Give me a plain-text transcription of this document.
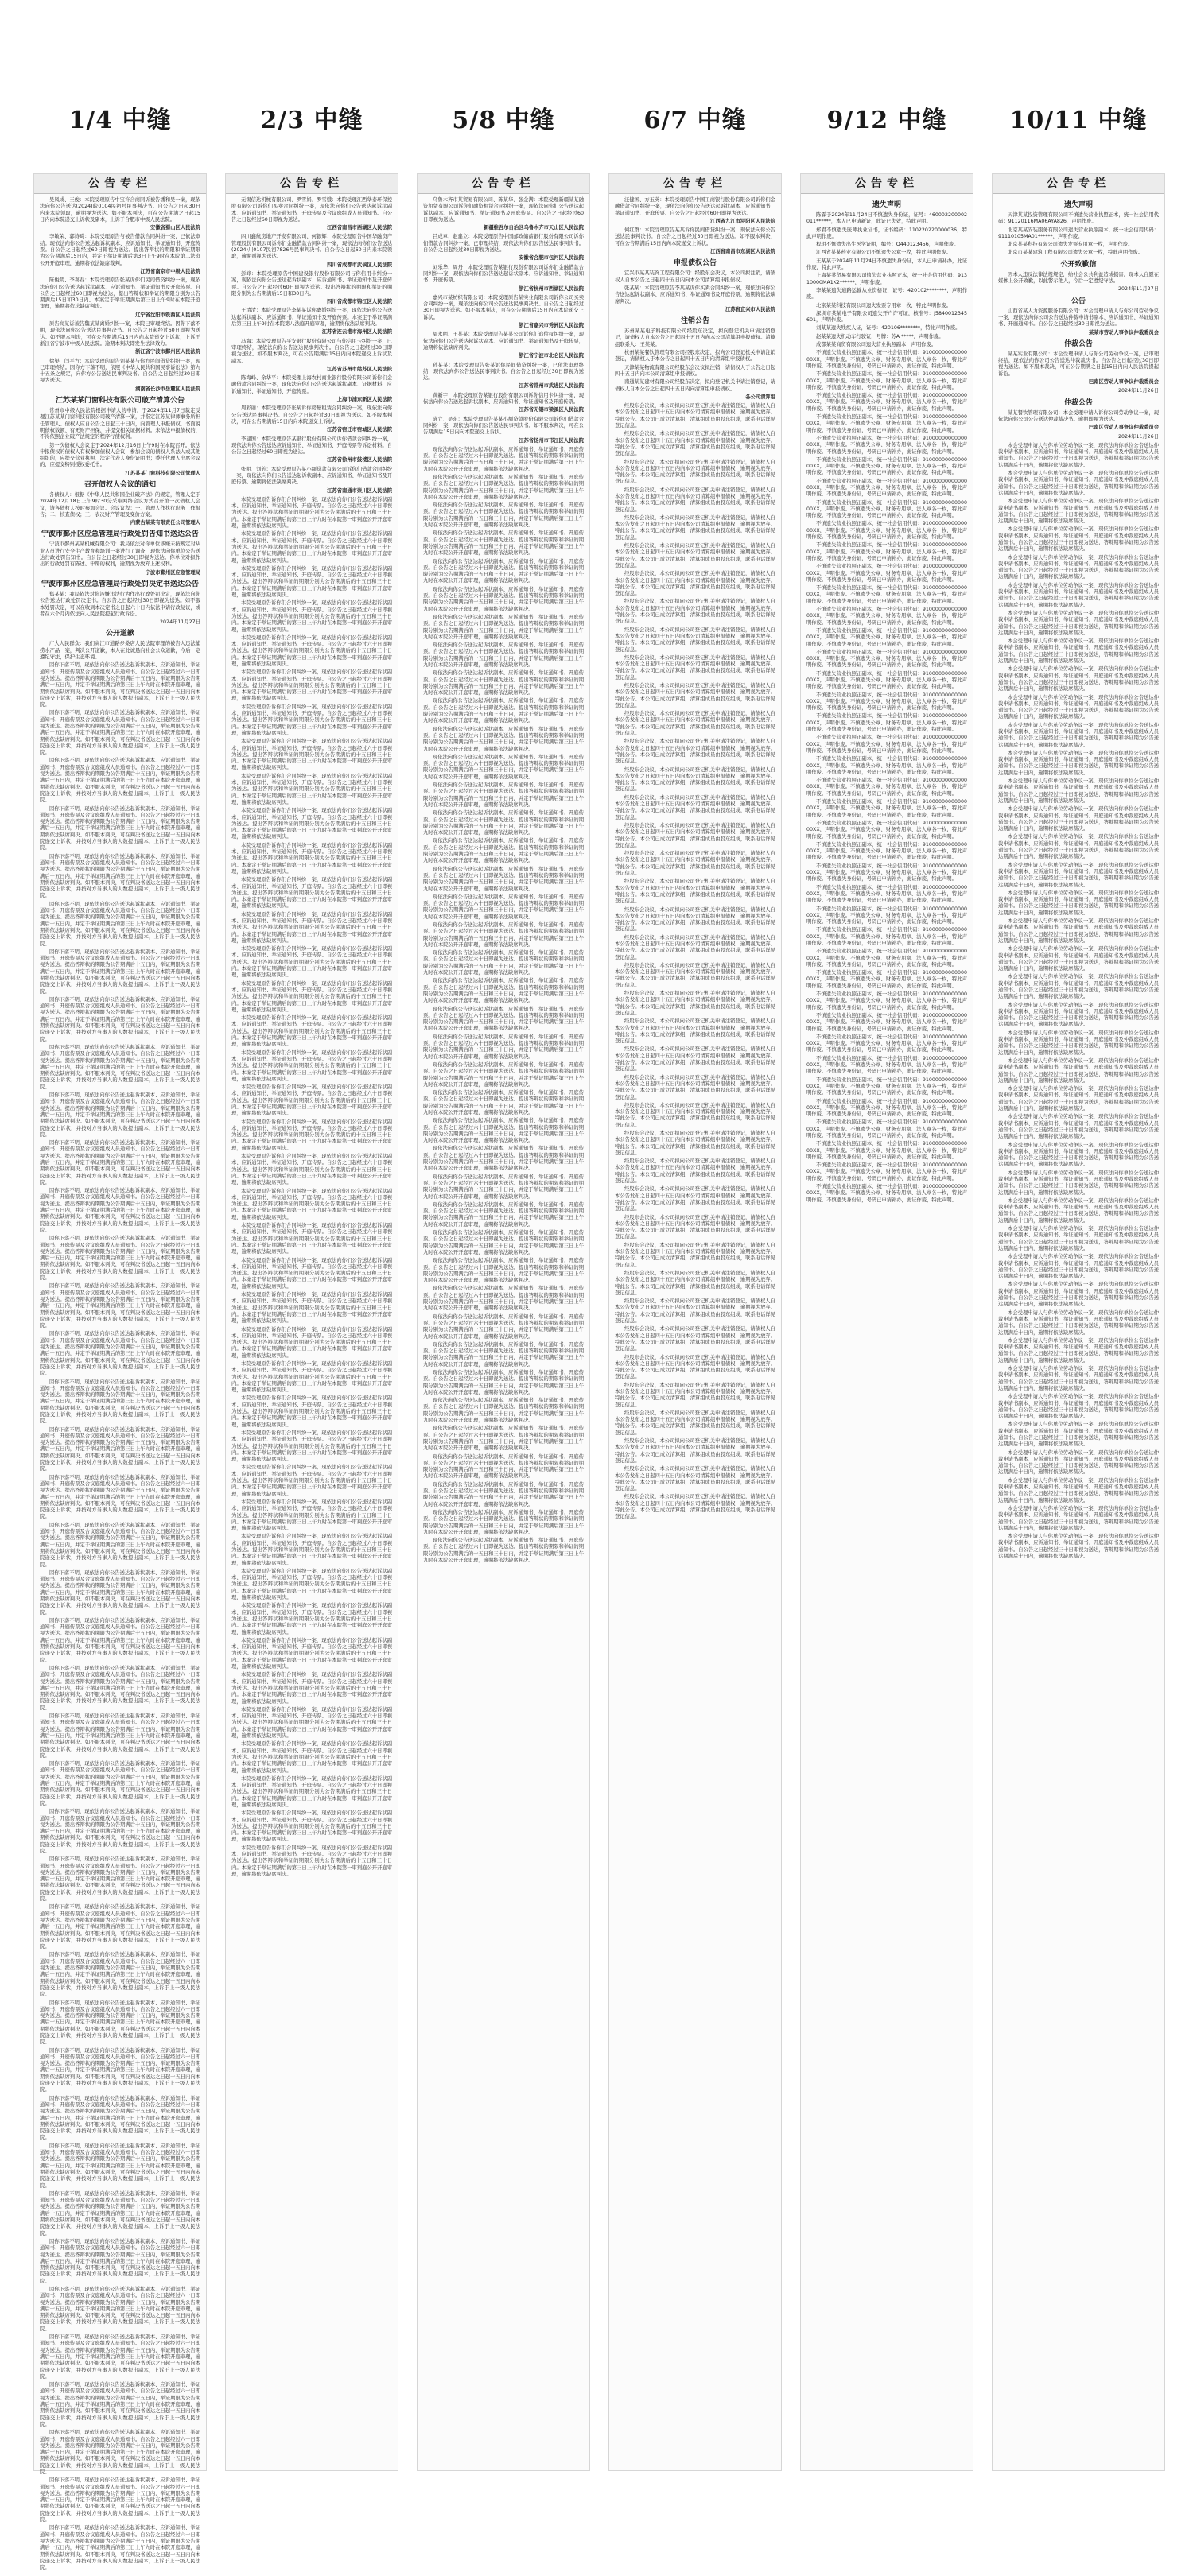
1/4 中缝
公告专栏
吴凤成、王俊：本院受理原告中宝许合商同诉被告潘和吴一案，现依法向你公告送达(2024)皖0104民初号民事判决书。自公告之日起30日内来本院领取，逾期视为送达。如不服本判决，可在公告期满之日起15日内向本院递交上诉状及副本，上诉于合肥市中级人民法院。
安徽省蜀山区人民法院
李敏荣、郭诗琦：本院受理原告与被告借款合同纠纷一案，已依法审结。现依法向你公告送达起诉状副本、应诉通知书、举证通知书、开庭传票。自公告之日起经过60日即视为送达。提出答辩状的期限和举证期限为公告期满后15日内，并定于举证期满后第3日上午9时在本院第二法庭公开开庭审理，逾期将依法缺席裁判。
江苏省南京市中级人民法院
陈俊明、李喜春：本院受理原告张某诉你们民间借贷纠纷一案，现依法向你们公告送达起诉状副本、应诉通知书、举证通知书及开庭传票。自公告之日起经过60日即视为送达，提出答辩状和举证的期限分别为公告期满后15日和30日内。本案定于举证期满后第三日上午9时在本院开庭审理，逾期将依法缺席判决。
辽宁省沈阳市铁西区人民法院
原告高某诉被告魏某某离婚纠纷一案，本院已审理终结。因你下落不明，现依法向你公告送达民事判决书。自公告之日起经过60日即视为送达。如不服本判决，可在公告期满后15日内向本院递交上诉状，上诉于浙江省宁波市中级人民法院。逾期本判决即发生法律效力。
浙江省宁波市鄞州区人民法院
徐渠、闫平方：本院受理的原告刘某某与你方民间借贷纠纷一案，现已审理终结。因你方下落不明，依照《中华人民共和国民事诉讼法》第九十五条之规定，向你方公告送达民事判决书。自公告之日起经过30日即视为送达。
湖南省长沙市岳麓区人民法院
江苏某某门窗科技有限公司破产清算公告
常州市中级人民法院根据申请人的申请，于2024年11月7日裁定受理江苏某某门窗科技有限公司破产清算一案，并指定江苏某律师事务所担任管理人。债权人应自公告之日起三十日内，向管理人申报债权，书面说明债权数额、有无财产担保，并提交相关证据材料。未依法申报债权的，不得依照企业破产法规定的程序行使权利。
第一次债权人会议定于2024年12月16日上午9时在本院召开。依法申报债权的债权人有权参加债权人会议，参加会议的债权人系法人或其他组织的，应提交营业执照、法定代表人身份证明书；委托代理人出席会议的，应提交特别授权委托书。
江苏某某门窗科技有限公司管理人
召开债权人会议的通知
各债权人：根据《中华人民共和国企业破产法》的规定，管理人定于2024年12月18日上午9时30分采取网络会议方式召开第一次债权人会议，请各债权人按时参加会议。会议议程：一、管理人作执行职务工作报告；二、核查债权；三、表决财产管理及变价方案。
内蒙古某某有限责任公司管理人
宁波市鄞州区应急管理局行政处罚告知书送达公告
宁波市鄞州某某机械有限公司：我局依法对你单位涉嫌未按规定对从业人员进行安全生产教育和培训一案进行了调查，现依法向你单位公告送达行政处罚告知书。自公告之日起经过30日即视为送达。你单位对拟作出的行政处罚有陈述、申辩的权利，逾期视为放弃上述权利。
宁波市鄞州区应急管理局
宁波市鄞州区应急管理局行政处罚决定书送达公告
郑某某：我局依法对你涉嫌违法行为作出行政处罚决定，现依法向你公告送达行政处罚决定书。自公告之日起经过30日即视为送达。如不服本处罚决定，可以在收到本决定书之日起六十日内依法申请行政复议，或者在六个月内依法向人民法院提起行政诉讼。
2024年11月27日
公开道歉
广大人民群众：我们高江市道路步桑店人民法院审理的被告人违法捕捞水产品一案，判决公开道歉，本人在此诚恳向社会公众道歉，今后一定遵纪守法，保护生态环境。
因你下落不明，现依法向你公告送达起诉状副本、应诉通知书、举证通知书、开庭传票及合议庭组成人员通知书。自公告之日起经过六十日即视为送达。提出答辩状的期限为公告期满后十五日内，举证期限为公告期满后十五日内，并定于举证期满后的第三日上午九时在本院开庭审理，逾期将依法缺席判决。如不服本判决，可在判决书送达之日起十五日内向本院递交上诉状，并按对方当事人的人数提出副本，上诉于上一级人民法院。
因你下落不明，现依法向你公告送达起诉状副本、应诉通知书、举证通知书、开庭传票及合议庭组成人员通知书。自公告之日起经过六十日即视为送达。提出答辩状的期限为公告期满后十五日内，举证期限为公告期满后十五日内，并定于举证期满后的第三日上午九时在本院开庭审理，逾期将依法缺席判决。如不服本判决，可在判决书送达之日起十五日内向本院递交上诉状，并按对方当事人的人数提出副本，上诉于上一级人民法院。
因你下落不明，现依法向你公告送达起诉状副本、应诉通知书、举证通知书、开庭传票及合议庭组成人员通知书。自公告之日起经过六十日即视为送达。提出答辩状的期限为公告期满后十五日内，举证期限为公告期满后十五日内，并定于举证期满后的第三日上午九时在本院开庭审理，逾期将依法缺席判决。如不服本判决，可在判决书送达之日起十五日内向本院递交上诉状，并按对方当事人的人数提出副本，上诉于上一级人民法院。
因你下落不明，现依法向你公告送达起诉状副本、应诉通知书、举证通知书、开庭传票及合议庭组成人员通知书。自公告之日起经过六十日即视为送达。提出答辩状的期限为公告期满后十五日内，举证期限为公告期满后十五日内，并定于举证期满后的第三日上午九时在本院开庭审理，逾期将依法缺席判决。如不服本判决，可在判决书送达之日起十五日内向本院递交上诉状，并按对方当事人的人数提出副本，上诉于上一级人民法院。
因你下落不明，现依法向你公告送达起诉状副本、应诉通知书、举证通知书、开庭传票及合议庭组成人员通知书。自公告之日起经过六十日即视为送达。提出答辩状的期限为公告期满后十五日内，举证期限为公告期满后十五日内，并定于举证期满后的第三日上午九时在本院开庭审理，逾期将依法缺席判决。如不服本判决，可在判决书送达之日起十五日内向本院递交上诉状，并按对方当事人的人数提出副本，上诉于上一级人民法院。
因你下落不明，现依法向你公告送达起诉状副本、应诉通知书、举证通知书、开庭传票及合议庭组成人员通知书。自公告之日起经过六十日即视为送达。提出答辩状的期限为公告期满后十五日内，举证期限为公告期满后十五日内，并定于举证期满后的第三日上午九时在本院开庭审理，逾期将依法缺席判决。如不服本判决，可在判决书送达之日起十五日内向本院递交上诉状，并按对方当事人的人数提出副本，上诉于上一级人民法院。
因你下落不明，现依法向你公告送达起诉状副本、应诉通知书、举证通知书、开庭传票及合议庭组成人员通知书。自公告之日起经过六十日即视为送达。提出答辩状的期限为公告期满后十五日内，举证期限为公告期满后十五日内，并定于举证期满后的第三日上午九时在本院开庭审理，逾期将依法缺席判决。如不服本判决，可在判决书送达之日起十五日内向本院递交上诉状，并按对方当事人的人数提出副本，上诉于上一级人民法院。
因你下落不明，现依法向你公告送达起诉状副本、应诉通知书、举证通知书、开庭传票及合议庭组成人员通知书。自公告之日起经过六十日即视为送达。提出答辩状的期限为公告期满后十五日内，举证期限为公告期满后十五日内，并定于举证期满后的第三日上午九时在本院开庭审理，逾期将依法缺席判决。如不服本判决，可在判决书送达之日起十五日内向本院递交上诉状，并按对方当事人的人数提出副本，上诉于上一级人民法院。
因你下落不明，现依法向你公告送达起诉状副本、应诉通知书、举证通知书、开庭传票及合议庭组成人员通知书。自公告之日起经过六十日即视为送达。提出答辩状的期限为公告期满后十五日内，举证期限为公告期满后十五日内，并定于举证期满后的第三日上午九时在本院开庭审理，逾期将依法缺席判决。如不服本判决，可在判决书送达之日起十五日内向本院递交上诉状，并按对方当事人的人数提出副本，上诉于上一级人民法院。
因你下落不明，现依法向你公告送达起诉状副本、应诉通知书、举证通知书、开庭传票及合议庭组成人员通知书。自公告之日起经过六十日即视为送达。提出答辩状的期限为公告期满后十五日内，举证期限为公告期满后十五日内，并定于举证期满后的第三日上午九时在本院开庭审理，逾期将依法缺席判决。如不服本判决，可在判决书送达之日起十五日内向本院递交上诉状，并按对方当事人的人数提出副本，上诉于上一级人民法院。
因你下落不明，现依法向你公告送达起诉状副本、应诉通知书、举证通知书、开庭传票及合议庭组成人员通知书。自公告之日起经过六十日即视为送达。提出答辩状的期限为公告期满后十五日内，举证期限为公告期满后十五日内，并定于举证期满后的第三日上午九时在本院开庭审理，逾期将依法缺席判决。如不服本判决，可在判决书送达之日起十五日内向本院递交上诉状，并按对方当事人的人数提出副本，上诉于上一级人民法院。
因你下落不明，现依法向你公告送达起诉状副本、应诉通知书、举证通知书、开庭传票及合议庭组成人员通知书。自公告之日起经过六十日即视为送达。提出答辩状的期限为公告期满后十五日内，举证期限为公告期满后十五日内，并定于举证期满后的第三日上午九时在本院开庭审理，逾期将依法缺席判决。如不服本判决，可在判决书送达之日起十五日内向本院递交上诉状，并按对方当事人的人数提出副本，上诉于上一级人民法院。
因你下落不明，现依法向你公告送达起诉状副本、应诉通知书、举证通知书、开庭传票及合议庭组成人员通知书。自公告之日起经过六十日即视为送达。提出答辩状的期限为公告期满后十五日内，举证期限为公告期满后十五日内，并定于举证期满后的第三日上午九时在本院开庭审理，逾期将依法缺席判决。如不服本判决，可在判决书送达之日起十五日内向本院递交上诉状，并按对方当事人的人数提出副本，上诉于上一级人民法院。
因你下落不明，现依法向你公告送达起诉状副本、应诉通知书、举证通知书、开庭传票及合议庭组成人员通知书。自公告之日起经过六十日即视为送达。提出答辩状的期限为公告期满后十五日内，举证期限为公告期满后十五日内，并定于举证期满后的第三日上午九时在本院开庭审理，逾期将依法缺席判决。如不服本判决，可在判决书送达之日起十五日内向本院递交上诉状，并按对方当事人的人数提出副本，上诉于上一级人民法院。
因你下落不明，现依法向你公告送达起诉状副本、应诉通知书、举证通知书、开庭传票及合议庭组成人员通知书。自公告之日起经过六十日即视为送达。提出答辩状的期限为公告期满后十五日内，举证期限为公告期满后十五日内，并定于举证期满后的第三日上午九时在本院开庭审理，逾期将依法缺席判决。如不服本判决，可在判决书送达之日起十五日内向本院递交上诉状，并按对方当事人的人数提出副本，上诉于上一级人民法院。
因你下落不明，现依法向你公告送达起诉状副本、应诉通知书、举证通知书、开庭传票及合议庭组成人员通知书。自公告之日起经过六十日即视为送达。提出答辩状的期限为公告期满后十五日内，举证期限为公告期满后十五日内，并定于举证期满后的第三日上午九时在本院开庭审理，逾期将依法缺席判决。如不服本判决，可在判决书送达之日起十五日内向本院递交上诉状，并按对方当事人的人数提出副本，上诉于上一级人民法院。
因你下落不明，现依法向你公告送达起诉状副本、应诉通知书、举证通知书、开庭传票及合议庭组成人员通知书。自公告之日起经过六十日即视为送达。提出答辩状的期限为公告期满后十五日内，举证期限为公告期满后十五日内，并定于举证期满后的第三日上午九时在本院开庭审理，逾期将依法缺席判决。如不服本判决，可在判决书送达之日起十五日内向本院递交上诉状，并按对方当事人的人数提出副本，上诉于上一级人民法院。
因你下落不明，现依法向你公告送达起诉状副本、应诉通知书、举证通知书、开庭传票及合议庭组成人员通知书。自公告之日起经过六十日即视为送达。提出答辩状的期限为公告期满后十五日内，举证期限为公告期满后十五日内，并定于举证期满后的第三日上午九时在本院开庭审理，逾期将依法缺席判决。如不服本判决，可在判决书送达之日起十五日内向本院递交上诉状，并按对方当事人的人数提出副本，上诉于上一级人民法院。
因你下落不明，现依法向你公告送达起诉状副本、应诉通知书、举证通知书、开庭传票及合议庭组成人员通知书。自公告之日起经过六十日即视为送达。提出答辩状的期限为公告期满后十五日内，举证期限为公告期满后十五日内，并定于举证期满后的第三日上午九时在本院开庭审理，逾期将依法缺席判决。如不服本判决，可在判决书送达之日起十五日内向本院递交上诉状，并按对方当事人的人数提出副本，上诉于上一级人民法院。
因你下落不明，现依法向你公告送达起诉状副本、应诉通知书、举证通知书、开庭传票及合议庭组成人员通知书。自公告之日起经过六十日即视为送达。提出答辩状的期限为公告期满后十五日内，举证期限为公告期满后十五日内，并定于举证期满后的第三日上午九时在本院开庭审理，逾期将依法缺席判决。如不服本判决，可在判决书送达之日起十五日内向本院递交上诉状，并按对方当事人的人数提出副本，上诉于上一级人民法院。
因你下落不明，现依法向你公告送达起诉状副本、应诉通知书、举证通知书、开庭传票及合议庭组成人员通知书。自公告之日起经过六十日即视为送达。提出答辩状的期限为公告期满后十五日内，举证期限为公告期满后十五日内，并定于举证期满后的第三日上午九时在本院开庭审理，逾期将依法缺席判决。如不服本判决，可在判决书送达之日起十五日内向本院递交上诉状，并按对方当事人的人数提出副本，上诉于上一级人民法院。
因你下落不明，现依法向你公告送达起诉状副本、应诉通知书、举证通知书、开庭传票及合议庭组成人员通知书。自公告之日起经过六十日即视为送达。提出答辩状的期限为公告期满后十五日内，举证期限为公告期满后十五日内，并定于举证期满后的第三日上午九时在本院开庭审理，逾期将依法缺席判决。如不服本判决，可在判决书送达之日起十五日内向本院递交上诉状，并按对方当事人的人数提出副本，上诉于上一级人民法院。
因你下落不明，现依法向你公告送达起诉状副本、应诉通知书、举证通知书、开庭传票及合议庭组成人员通知书。自公告之日起经过六十日即视为送达。提出答辩状的期限为公告期满后十五日内，举证期限为公告期满后十五日内，并定于举证期满后的第三日上午九时在本院开庭审理，逾期将依法缺席判决。如不服本判决，可在判决书送达之日起十五日内向本院递交上诉状，并按对方当事人的人数提出副本，上诉于上一级人民法院。
因你下落不明，现依法向你公告送达起诉状副本、应诉通知书、举证通知书、开庭传票及合议庭组成人员通知书。自公告之日起经过六十日即视为送达。提出答辩状的期限为公告期满后十五日内，举证期限为公告期满后十五日内，并定于举证期满后的第三日上午九时在本院开庭审理，逾期将依法缺席判决。如不服本判决，可在判决书送达之日起十五日内向本院递交上诉状，并按对方当事人的人数提出副本，上诉于上一级人民法院。
因你下落不明，现依法向你公告送达起诉状副本、应诉通知书、举证通知书、开庭传票及合议庭组成人员通知书。自公告之日起经过六十日即视为送达。提出答辩状的期限为公告期满后十五日内，举证期限为公告期满后十五日内，并定于举证期满后的第三日上午九时在本院开庭审理，逾期将依法缺席判决。如不服本判决，可在判决书送达之日起十五日内向本院递交上诉状，并按对方当事人的人数提出副本，上诉于上一级人民法院。
因你下落不明，现依法向你公告送达起诉状副本、应诉通知书、举证通知书、开庭传票及合议庭组成人员通知书。自公告之日起经过六十日即视为送达。提出答辩状的期限为公告期满后十五日内，举证期限为公告期满后十五日内，并定于举证期满后的第三日上午九时在本院开庭审理，逾期将依法缺席判决。如不服本判决，可在判决书送达之日起十五日内向本院递交上诉状，并按对方当事人的人数提出副本，上诉于上一级人民法院。
因你下落不明，现依法向你公告送达起诉状副本、应诉通知书、举证通知书、开庭传票及合议庭组成人员通知书。自公告之日起经过六十日即视为送达。提出答辩状的期限为公告期满后十五日内，举证期限为公告期满后十五日内，并定于举证期满后的第三日上午九时在本院开庭审理，逾期将依法缺席判决。如不服本判决，可在判决书送达之日起十五日内向本院递交上诉状，并按对方当事人的人数提出副本，上诉于上一级人民法院。
因你下落不明，现依法向你公告送达起诉状副本、应诉通知书、举证通知书、开庭传票及合议庭组成人员通知书。自公告之日起经过六十日即视为送达。提出答辩状的期限为公告期满后十五日内，举证期限为公告期满后十五日内，并定于举证期满后的第三日上午九时在本院开庭审理，逾期将依法缺席判决。如不服本判决，可在判决书送达之日起十五日内向本院递交上诉状，并按对方当事人的人数提出副本，上诉于上一级人民法院。
因你下落不明，现依法向你公告送达起诉状副本、应诉通知书、举证通知书、开庭传票及合议庭组成人员通知书。自公告之日起经过六十日即视为送达。提出答辩状的期限为公告期满后十五日内，举证期限为公告期满后十五日内，并定于举证期满后的第三日上午九时在本院开庭审理，逾期将依法缺席判决。如不服本判决，可在判决书送达之日起十五日内向本院递交上诉状，并按对方当事人的人数提出副本，上诉于上一级人民法院。
因你下落不明，现依法向你公告送达起诉状副本、应诉通知书、举证通知书、开庭传票及合议庭组成人员通知书。自公告之日起经过六十日即视为送达。提出答辩状的期限为公告期满后十五日内，举证期限为公告期满后十五日内，并定于举证期满后的第三日上午九时在本院开庭审理，逾期将依法缺席判决。如不服本判决，可在判决书送达之日起十五日内向本院递交上诉状，并按对方当事人的人数提出副本，上诉于上一级人民法院。
因你下落不明，现依法向你公告送达起诉状副本、应诉通知书、举证通知书、开庭传票及合议庭组成人员通知书。自公告之日起经过六十日即视为送达。提出答辩状的期限为公告期满后十五日内，举证期限为公告期满后十五日内，并定于举证期满后的第三日上午九时在本院开庭审理，逾期将依法缺席判决。如不服本判决，可在判决书送达之日起十五日内向本院递交上诉状，并按对方当事人的人数提出副本，上诉于上一级人民法院。
因你下落不明，现依法向你公告送达起诉状副本、应诉通知书、举证通知书、开庭传票及合议庭组成人员通知书。自公告之日起经过六十日即视为送达。提出答辩状的期限为公告期满后十五日内，举证期限为公告期满后十五日内，并定于举证期满后的第三日上午九时在本院开庭审理，逾期将依法缺席判决。如不服本判决，可在判决书送达之日起十五日内向本院递交上诉状，并按对方当事人的人数提出副本，上诉于上一级人民法院。
因你下落不明，现依法向你公告送达起诉状副本、应诉通知书、举证通知书、开庭传票及合议庭组成人员通知书。自公告之日起经过六十日即视为送达。提出答辩状的期限为公告期满后十五日内，举证期限为公告期满后十五日内，并定于举证期满后的第三日上午九时在本院开庭审理，逾期将依法缺席判决。如不服本判决，可在判决书送达之日起十五日内向本院递交上诉状，并按对方当事人的人数提出副本，上诉于上一级人民法院。
因你下落不明，现依法向你公告送达起诉状副本、应诉通知书、举证通知书、开庭传票及合议庭组成人员通知书。自公告之日起经过六十日即视为送达。提出答辩状的期限为公告期满后十五日内，举证期限为公告期满后十五日内，并定于举证期满后的第三日上午九时在本院开庭审理，逾期将依法缺席判决。如不服本判决，可在判决书送达之日起十五日内向本院递交上诉状，并按对方当事人的人数提出副本，上诉于上一级人民法院。
因你下落不明，现依法向你公告送达起诉状副本、应诉通知书、举证通知书、开庭传票及合议庭组成人员通知书。自公告之日起经过六十日即视为送达。提出答辩状的期限为公告期满后十五日内，举证期限为公告期满后十五日内，并定于举证期满后的第三日上午九时在本院开庭审理，逾期将依法缺席判决。如不服本判决，可在判决书送达之日起十五日内向本院递交上诉状，并按对方当事人的人数提出副本，上诉于上一级人民法院。
因你下落不明，现依法向你公告送达起诉状副本、应诉通知书、举证通知书、开庭传票及合议庭组成人员通知书。自公告之日起经过六十日即视为送达。提出答辩状的期限为公告期满后十五日内，举证期限为公告期满后十五日内，并定于举证期满后的第三日上午九时在本院开庭审理，逾期将依法缺席判决。如不服本判决，可在判决书送达之日起十五日内向本院递交上诉状，并按对方当事人的人数提出副本，上诉于上一级人民法院。
因你下落不明，现依法向你公告送达起诉状副本、应诉通知书、举证通知书、开庭传票及合议庭组成人员通知书。自公告之日起经过六十日即视为送达。提出答辩状的期限为公告期满后十五日内，举证期限为公告期满后十五日内，并定于举证期满后的第三日上午九时在本院开庭审理，逾期将依法缺席判决。如不服本判决，可在判决书送达之日起十五日内向本院递交上诉状，并按对方当事人的人数提出副本，上诉于上一级人民法院。
因你下落不明，现依法向你公告送达起诉状副本、应诉通知书、举证通知书、开庭传票及合议庭组成人员通知书。自公告之日起经过六十日即视为送达。提出答辩状的期限为公告期满后十五日内，举证期限为公告期满后十五日内，并定于举证期满后的第三日上午九时在本院开庭审理，逾期将依法缺席判决。如不服本判决，可在判决书送达之日起十五日内向本院递交上诉状，并按对方当事人的人数提出副本，上诉于上一级人民法院。
因你下落不明，现依法向你公告送达起诉状副本、应诉通知书、举证通知书、开庭传票及合议庭组成人员通知书。自公告之日起经过六十日即视为送达。提出答辩状的期限为公告期满后十五日内，举证期限为公告期满后十五日内，并定于举证期满后的第三日上午九时在本院开庭审理，逾期将依法缺席判决。如不服本判决，可在判决书送达之日起十五日内向本院递交上诉状，并按对方当事人的人数提出副本，上诉于上一级人民法院。
因你下落不明，现依法向你公告送达起诉状副本、应诉通知书、举证通知书、开庭传票及合议庭组成人员通知书。自公告之日起经过六十日即视为送达。提出答辩状的期限为公告期满后十五日内，举证期限为公告期满后十五日内，并定于举证期满后的第三日上午九时在本院开庭审理，逾期将依法缺席判决。如不服本判决，可在判决书送达之日起十五日内向本院递交上诉状，并按对方当事人的人数提出副本，上诉于上一级人民法院。
2/3 中缝
公告专栏
无锡信达机械有限公司、罗雪娟、罗雪娥：本院受理江西华泰环保控股有限公司诉你们买卖合同纠纷一案，现依法向你们公告送达起诉状副本、应诉通知书、举证通知书、开庭传票及合议庭组成人员通知书。自公告之日起经过60日即视为送达。
江西省南昌市西湖区人民法院
四川鑫航房地产开发有限公司、何银辉：本院受理原告中国华融资产管理股份有限公司诉你们金融借款合同纠纷一案，现依法向你们公告送达(2024)川0107民初7826号民事判决书。自公告之日起60日内来本院领取，逾期则视为送达。
四川省成都市武侯区人民法院
彭峰：本院受理原告中国建设银行股份有限公司与你信用卡纠纷一案，现依法向你公告送达起诉状副本、应诉通知书、举证通知书及开庭传票。自公告之日起经过60日即视为送达。提出答辩状的期限和举证的期限分别为公告期满后15日和30日内。
四川省成都市锦江区人民法院
王清清：本院受理原告李某某诉你离婚纠纷一案，现依法向你公告送达起诉状副本、应诉通知书、举证通知书及开庭传票。本案定于举证期满后第三日上午9时在本院第八法庭开庭审理，逾期将依法缺席判决。
江苏省连云港市海州区人民法院
冯海：本院受理原告平安银行股份有限公司与你信用卡纠纷一案，已审理终结，现依法向你公告送达民事判决书。自公告之日起经过30日即视为送达。如不服本判决，可在公告期满后15日内向本院递交上诉状及副本。
江苏省苏州市姑苏区人民法院
陈海峰、余华平：本院受理上海农村商业银行股份有限公司诉你们金融借款合同纠纷一案，现依法向你们公告送达起诉状副本、证据材料、应诉通知书、举证通知书、开庭传票。
上海市浦东新区人民法院
周彩丽：本院受理原告张某诉你房屋租赁合同纠纷一案，现依法向你公告送达民事判决书。自公告之日起经过30日即视为送达。如不服本判决，可在公告期满后15日内向本院递交上诉状。
江苏省宿迁市宿城区人民法院
李建国：本院受理原告某银行股份有限公司诉你借款合同纠纷一案，现依法向你公告送达应诉通知书、举证通知书、开庭传票等诉讼材料。自公告之日起经过60日即视为送达。
江苏省徐州市鼓楼区人民法院
张明、刘芳：本院受理原告某小额贷款有限公司诉你们借款合同纠纷一案，现依法向你们公告送达起诉状副本、应诉通知书、举证通知书及开庭传票。逾期将依法缺席判决。
江苏省南通市崇川区人民法院
本院受理原告诉你们合同纠纷一案，现依法向你们公告送达起诉状副本、应诉通知书、举证通知书、开庭传票。自公告之日起经过六十日即视为送达。提出答辩状和举证的期限分别为公告期满后的十五日和三十日内。本案定于举证期满后的第三日上午九时在本院第一审判庭公开开庭审理，逾期将依法缺席判决。
本院受理原告诉你们合同纠纷一案，现依法向你们公告送达起诉状副本、应诉通知书、举证通知书、开庭传票。自公告之日起经过六十日即视为送达。提出答辩状和举证的期限分别为公告期满后的十五日和三十日内。本案定于举证期满后的第三日上午九时在本院第一审判庭公开开庭审理，逾期将依法缺席判决。
本院受理原告诉你们合同纠纷一案，现依法向你们公告送达起诉状副本、应诉通知书、举证通知书、开庭传票。自公告之日起经过六十日即视为送达。提出答辩状和举证的期限分别为公告期满后的十五日和三十日内。本案定于举证期满后的第三日上午九时在本院第一审判庭公开开庭审理，逾期将依法缺席判决。
本院受理原告诉你们合同纠纷一案，现依法向你们公告送达起诉状副本、应诉通知书、举证通知书、开庭传票。自公告之日起经过六十日即视为送达。提出答辩状和举证的期限分别为公告期满后的十五日和三十日内。本案定于举证期满后的第三日上午九时在本院第一审判庭公开开庭审理，逾期将依法缺席判决。
本院受理原告诉你们合同纠纷一案，现依法向你们公告送达起诉状副本、应诉通知书、举证通知书、开庭传票。自公告之日起经过六十日即视为送达。提出答辩状和举证的期限分别为公告期满后的十五日和三十日内。本案定于举证期满后的第三日上午九时在本院第一审判庭公开开庭审理，逾期将依法缺席判决。
本院受理原告诉你们合同纠纷一案，现依法向你们公告送达起诉状副本、应诉通知书、举证通知书、开庭传票。自公告之日起经过六十日即视为送达。提出答辩状和举证的期限分别为公告期满后的十五日和三十日内。本案定于举证期满后的第三日上午九时在本院第一审判庭公开开庭审理，逾期将依法缺席判决。
本院受理原告诉你们合同纠纷一案，现依法向你们公告送达起诉状副本、应诉通知书、举证通知书、开庭传票。自公告之日起经过六十日即视为送达。提出答辩状和举证的期限分别为公告期满后的十五日和三十日内。本案定于举证期满后的第三日上午九时在本院第一审判庭公开开庭审理，逾期将依法缺席判决。
本院受理原告诉你们合同纠纷一案，现依法向你们公告送达起诉状副本、应诉通知书、举证通知书、开庭传票。自公告之日起经过六十日即视为送达。提出答辩状和举证的期限分别为公告期满后的十五日和三十日内。本案定于举证期满后的第三日上午九时在本院第一审判庭公开开庭审理，逾期将依法缺席判决。
本院受理原告诉你们合同纠纷一案，现依法向你们公告送达起诉状副本、应诉通知书、举证通知书、开庭传票。自公告之日起经过六十日即视为送达。提出答辩状和举证的期限分别为公告期满后的十五日和三十日内。本案定于举证期满后的第三日上午九时在本院第一审判庭公开开庭审理，逾期将依法缺席判决。
本院受理原告诉你们合同纠纷一案，现依法向你们公告送达起诉状副本、应诉通知书、举证通知书、开庭传票。自公告之日起经过六十日即视为送达。提出答辩状和举证的期限分别为公告期满后的十五日和三十日内。本案定于举证期满后的第三日上午九时在本院第一审判庭公开开庭审理，逾期将依法缺席判决。
本院受理原告诉你们合同纠纷一案，现依法向你们公告送达起诉状副本、应诉通知书、举证通知书、开庭传票。自公告之日起经过六十日即视为送达。提出答辩状和举证的期限分别为公告期满后的十五日和三十日内。本案定于举证期满后的第三日上午九时在本院第一审判庭公开开庭审理，逾期将依法缺席判决。
本院受理原告诉你们合同纠纷一案，现依法向你们公告送达起诉状副本、应诉通知书、举证通知书、开庭传票。自公告之日起经过六十日即视为送达。提出答辩状和举证的期限分别为公告期满后的十五日和三十日内。本案定于举证期满后的第三日上午九时在本院第一审判庭公开开庭审理，逾期将依法缺席判决。
本院受理原告诉你们合同纠纷一案，现依法向你们公告送达起诉状副本、应诉通知书、举证通知书、开庭传票。自公告之日起经过六十日即视为送达。提出答辩状和举证的期限分别为公告期满后的十五日和三十日内。本案定于举证期满后的第三日上午九时在本院第一审判庭公开开庭审理，逾期将依法缺席判决。
本院受理原告诉你们合同纠纷一案，现依法向你们公告送达起诉状副本、应诉通知书、举证通知书、开庭传票。自公告之日起经过六十日即视为送达。提出答辩状和举证的期限分别为公告期满后的十五日和三十日内。本案定于举证期满后的第三日上午九时在本院第一审判庭公开开庭审理，逾期将依法缺席判决。
本院受理原告诉你们合同纠纷一案，现依法向你们公告送达起诉状副本、应诉通知书、举证通知书、开庭传票。自公告之日起经过六十日即视为送达。提出答辩状和举证的期限分别为公告期满后的十五日和三十日内。本案定于举证期满后的第三日上午九时在本院第一审判庭公开开庭审理，逾期将依法缺席判决。
本院受理原告诉你们合同纠纷一案，现依法向你们公告送达起诉状副本、应诉通知书、举证通知书、开庭传票。自公告之日起经过六十日即视为送达。提出答辩状和举证的期限分别为公告期满后的十五日和三十日内。本案定于举证期满后的第三日上午九时在本院第一审判庭公开开庭审理，逾期将依法缺席判决。
本院受理原告诉你们合同纠纷一案，现依法向你们公告送达起诉状副本、应诉通知书、举证通知书、开庭传票。自公告之日起经过六十日即视为送达。提出答辩状和举证的期限分别为公告期满后的十五日和三十日内。本案定于举证期满后的第三日上午九时在本院第一审判庭公开开庭审理，逾期将依法缺席判决。
本院受理原告诉你们合同纠纷一案，现依法向你们公告送达起诉状副本、应诉通知书、举证通知书、开庭传票。自公告之日起经过六十日即视为送达。提出答辩状和举证的期限分别为公告期满后的十五日和三十日内。本案定于举证期满后的第三日上午九时在本院第一审判庭公开开庭审理，逾期将依法缺席判决。
本院受理原告诉你们合同纠纷一案，现依法向你们公告送达起诉状副本、应诉通知书、举证通知书、开庭传票。自公告之日起经过六十日即视为送达。提出答辩状和举证的期限分别为公告期满后的十五日和三十日内。本案定于举证期满后的第三日上午九时在本院第一审判庭公开开庭审理，逾期将依法缺席判决。
本院受理原告诉你们合同纠纷一案，现依法向你们公告送达起诉状副本、应诉通知书、举证通知书、开庭传票。自公告之日起经过六十日即视为送达。提出答辩状和举证的期限分别为公告期满后的十五日和三十日内。本案定于举证期满后的第三日上午九时在本院第一审判庭公开开庭审理，逾期将依法缺席判决。
本院受理原告诉你们合同纠纷一案，现依法向你们公告送达起诉状副本、应诉通知书、举证通知书、开庭传票。自公告之日起经过六十日即视为送达。提出答辩状和举证的期限分别为公告期满后的十五日和三十日内。本案定于举证期满后的第三日上午九时在本院第一审判庭公开开庭审理，逾期将依法缺席判决。
本院受理原告诉你们合同纠纷一案，现依法向你们公告送达起诉状副本、应诉通知书、举证通知书、开庭传票。自公告之日起经过六十日即视为送达。提出答辩状和举证的期限分别为公告期满后的十五日和三十日内。本案定于举证期满后的第三日上午九时在本院第一审判庭公开开庭审理，逾期将依法缺席判决。
本院受理原告诉你们合同纠纷一案，现依法向你们公告送达起诉状副本、应诉通知书、举证通知书、开庭传票。自公告之日起经过六十日即视为送达。提出答辩状和举证的期限分别为公告期满后的十五日和三十日内。本案定于举证期满后的第三日上午九时在本院第一审判庭公开开庭审理，逾期将依法缺席判决。
本院受理原告诉你们合同纠纷一案，现依法向你们公告送达起诉状副本、应诉通知书、举证通知书、开庭传票。自公告之日起经过六十日即视为送达。提出答辩状和举证的期限分别为公告期满后的十五日和三十日内。本案定于举证期满后的第三日上午九时在本院第一审判庭公开开庭审理，逾期将依法缺席判决。
本院受理原告诉你们合同纠纷一案，现依法向你们公告送达起诉状副本、应诉通知书、举证通知书、开庭传票。自公告之日起经过六十日即视为送达。提出答辩状和举证的期限分别为公告期满后的十五日和三十日内。本案定于举证期满后的第三日上午九时在本院第一审判庭公开开庭审理，逾期将依法缺席判决。
本院受理原告诉你们合同纠纷一案，现依法向你们公告送达起诉状副本、应诉通知书、举证通知书、开庭传票。自公告之日起经过六十日即视为送达。提出答辩状和举证的期限分别为公告期满后的十五日和三十日内。本案定于举证期满后的第三日上午九时在本院第一审判庭公开开庭审理，逾期将依法缺席判决。
本院受理原告诉你们合同纠纷一案，现依法向你们公告送达起诉状副本、应诉通知书、举证通知书、开庭传票。自公告之日起经过六十日即视为送达。提出答辩状和举证的期限分别为公告期满后的十五日和三十日内。本案定于举证期满后的第三日上午九时在本院第一审判庭公开开庭审理，逾期将依法缺席判决。
本院受理原告诉你们合同纠纷一案，现依法向你们公告送达起诉状副本、应诉通知书、举证通知书、开庭传票。自公告之日起经过六十日即视为送达。提出答辩状和举证的期限分别为公告期满后的十五日和三十日内。本案定于举证期满后的第三日上午九时在本院第一审判庭公开开庭审理，逾期将依法缺席判决。
本院受理原告诉你们合同纠纷一案，现依法向你们公告送达起诉状副本、应诉通知书、举证通知书、开庭传票。自公告之日起经过六十日即视为送达。提出答辩状和举证的期限分别为公告期满后的十五日和三十日内。本案定于举证期满后的第三日上午九时在本院第一审判庭公开开庭审理，逾期将依法缺席判决。
本院受理原告诉你们合同纠纷一案，现依法向你们公告送达起诉状副本、应诉通知书、举证通知书、开庭传票。自公告之日起经过六十日即视为送达。提出答辩状和举证的期限分别为公告期满后的十五日和三十日内。本案定于举证期满后的第三日上午九时在本院第一审判庭公开开庭审理，逾期将依法缺席判决。
本院受理原告诉你们合同纠纷一案，现依法向你们公告送达起诉状副本、应诉通知书、举证通知书、开庭传票。自公告之日起经过六十日即视为送达。提出答辩状和举证的期限分别为公告期满后的十五日和三十日内。本案定于举证期满后的第三日上午九时在本院第一审判庭公开开庭审理，逾期将依法缺席判决。
本院受理原告诉你们合同纠纷一案，现依法向你们公告送达起诉状副本、应诉通知书、举证通知书、开庭传票。自公告之日起经过六十日即视为送达。提出答辩状和举证的期限分别为公告期满后的十五日和三十日内。本案定于举证期满后的第三日上午九时在本院第一审判庭公开开庭审理，逾期将依法缺席判决。
本院受理原告诉你们合同纠纷一案，现依法向你们公告送达起诉状副本、应诉通知书、举证通知书、开庭传票。自公告之日起经过六十日即视为送达。提出答辩状和举证的期限分别为公告期满后的十五日和三十日内。本案定于举证期满后的第三日上午九时在本院第一审判庭公开开庭审理，逾期将依法缺席判决。
本院受理原告诉你们合同纠纷一案，现依法向你们公告送达起诉状副本、应诉通知书、举证通知书、开庭传票。自公告之日起经过六十日即视为送达。提出答辩状和举证的期限分别为公告期满后的十五日和三十日内。本案定于举证期满后的第三日上午九时在本院第一审判庭公开开庭审理，逾期将依法缺席判决。
本院受理原告诉你们合同纠纷一案，现依法向你们公告送达起诉状副本、应诉通知书、举证通知书、开庭传票。自公告之日起经过六十日即视为送达。提出答辩状和举证的期限分别为公告期满后的十五日和三十日内。本案定于举证期满后的第三日上午九时在本院第一审判庭公开开庭审理，逾期将依法缺席判决。
本院受理原告诉你们合同纠纷一案，现依法向你们公告送达起诉状副本、应诉通知书、举证通知书、开庭传票。自公告之日起经过六十日即视为送达。提出答辩状和举证的期限分别为公告期满后的十五日和三十日内。本案定于举证期满后的第三日上午九时在本院第一审判庭公开开庭审理，逾期将依法缺席判决。
本院受理原告诉你们合同纠纷一案，现依法向你们公告送达起诉状副本、应诉通知书、举证通知书、开庭传票。自公告之日起经过六十日即视为送达。提出答辩状和举证的期限分别为公告期满后的十五日和三十日内。本案定于举证期满后的第三日上午九时在本院第一审判庭公开开庭审理，逾期将依法缺席判决。
本院受理原告诉你们合同纠纷一案，现依法向你们公告送达起诉状副本、应诉通知书、举证通知书、开庭传票。自公告之日起经过六十日即视为送达。提出答辩状和举证的期限分别为公告期满后的十五日和三十日内。本案定于举证期满后的第三日上午九时在本院第一审判庭公开开庭审理，逾期将依法缺席判决。
本院受理原告诉你们合同纠纷一案，现依法向你们公告送达起诉状副本、应诉通知书、举证通知书、开庭传票。自公告之日起经过六十日即视为送达。提出答辩状和举证的期限分别为公告期满后的十五日和三十日内。本案定于举证期满后的第三日上午九时在本院第一审判庭公开开庭审理，逾期将依法缺席判决。
本院受理原告诉你们合同纠纷一案，现依法向你们公告送达起诉状副本、应诉通知书、举证通知书、开庭传票。自公告之日起经过六十日即视为送达。提出答辩状和举证的期限分别为公告期满后的十五日和三十日内。本案定于举证期满后的第三日上午九时在本院第一审判庭公开开庭审理，逾期将依法缺席判决。
5/8 中缝
公告专栏
乌鲁木齐市某贸易有限公司、陈某华、张金满：本院受理新疆某某融资租赁有限公司诉你们融资租赁合同纠纷一案，现依法向你们公告送达起诉状副本、应诉通知书、举证通知书及开庭传票。自公告之日起经过60日即视为送达。
新疆维吾尔自治区乌鲁木齐市天山区人民法院
吕成章、赵建立：本院受理原告中国邮政储蓄银行股份有限公司诉你们借款合同纠纷一案，已审理终结，现依法向你们公告送达民事判决书。自公告之日起经过30日即视为送达。
安徽省合肥市包河区人民法院
刘乐华、周丹：本院受理原告某银行股份有限公司诉你们金融借款合同纠纷一案，现依法向你们公告送达起诉状副本、应诉通知书、举证通知书、开庭传票。
浙江省杭州市西湖区人民法院
嘉兴市某纺织有限公司：本院受理原告某实业有限公司诉你公司买卖合同纠纷一案，现依法向你公司公告送达民事判决书。自公告之日起经过30日即视为送达。如不服本判决，可在公告期满后15日内向本院递交上诉状。
浙江省嘉兴市秀洲区人民法院
周永明、王某某：本院受理原告某某公司诉你们追偿权纠纷一案，现依法向你们公告送达起诉状副本、应诉通知书、举证通知书及开庭传票，逾期将依法缺席判决。
浙江省宁波市北仑区人民法院
孙某某：本院受理原告张某诉你民间借贷纠纷一案，已依法审理终结，现依法向你公告送达民事判决书。自公告之日起经过30日即视为送达。
江苏省常州市武进区人民法院
黄新宇：本院受理原告某银行股份有限公司诉你信用卡纠纷一案，现依法向你公告送达起诉状副本、应诉通知书、举证通知书及开庭传票。
江苏省无锡市梁溪区人民法院
陈立、吴东：本院受理原告某某小额贷款股份有限公司诉你们借款合同纠纷一案，现依法向你们公告送达民事判决书。如不服本判决，可在公告期满后15日内向本院递交上诉状。
江苏省扬州市邗江区人民法院
现依法向你公告送达起诉状副本、应诉通知书、举证通知书、开庭传票。自公告之日起经过六十日即视为送达。提出答辩状的期限和举证的期限分别为公告期满后的十五日和三十日内，并定于举证期满后第三日上午九时在本院公开开庭审理，逾期将依法缺席判决。
现依法向你公告送达起诉状副本、应诉通知书、举证通知书、开庭传票。自公告之日起经过六十日即视为送达。提出答辩状的期限和举证的期限分别为公告期满后的十五日和三十日内，并定于举证期满后第三日上午九时在本院公开开庭审理，逾期将依法缺席判决。
现依法向你公告送达起诉状副本、应诉通知书、举证通知书、开庭传票。自公告之日起经过六十日即视为送达。提出答辩状的期限和举证的期限分别为公告期满后的十五日和三十日内，并定于举证期满后第三日上午九时在本院公开开庭审理，逾期将依法缺席判决。
现依法向你公告送达起诉状副本、应诉通知书、举证通知书、开庭传票。自公告之日起经过六十日即视为送达。提出答辩状的期限和举证的期限分别为公告期满后的十五日和三十日内，并定于举证期满后第三日上午九时在本院公开开庭审理，逾期将依法缺席判决。
现依法向你公告送达起诉状副本、应诉通知书、举证通知书、开庭传票。自公告之日起经过六十日即视为送达。提出答辩状的期限和举证的期限分别为公告期满后的十五日和三十日内，并定于举证期满后第三日上午九时在本院公开开庭审理，逾期将依法缺席判决。
现依法向你公告送达起诉状副本、应诉通知书、举证通知书、开庭传票。自公告之日起经过六十日即视为送达。提出答辩状的期限和举证的期限分别为公告期满后的十五日和三十日内，并定于举证期满后第三日上午九时在本院公开开庭审理，逾期将依法缺席判决。
现依法向你公告送达起诉状副本、应诉通知书、举证通知书、开庭传票。自公告之日起经过六十日即视为送达。提出答辩状的期限和举证的期限分别为公告期满后的十五日和三十日内，并定于举证期满后第三日上午九时在本院公开开庭审理，逾期将依法缺席判决。
现依法向你公告送达起诉状副本、应诉通知书、举证通知书、开庭传票。自公告之日起经过六十日即视为送达。提出答辩状的期限和举证的期限分别为公告期满后的十五日和三十日内，并定于举证期满后第三日上午九时在本院公开开庭审理，逾期将依法缺席判决。
现依法向你公告送达起诉状副本、应诉通知书、举证通知书、开庭传票。自公告之日起经过六十日即视为送达。提出答辩状的期限和举证的期限分别为公告期满后的十五日和三十日内，并定于举证期满后第三日上午九时在本院公开开庭审理，逾期将依法缺席判决。
现依法向你公告送达起诉状副本、应诉通知书、举证通知书、开庭传票。自公告之日起经过六十日即视为送达。提出答辩状的期限和举证的期限分别为公告期满后的十五日和三十日内，并定于举证期满后第三日上午九时在本院公开开庭审理，逾期将依法缺席判决。
现依法向你公告送达起诉状副本、应诉通知书、举证通知书、开庭传票。自公告之日起经过六十日即视为送达。提出答辩状的期限和举证的期限分别为公告期满后的十五日和三十日内，并定于举证期满后第三日上午九时在本院公开开庭审理，逾期将依法缺席判决。
现依法向你公告送达起诉状副本、应诉通知书、举证通知书、开庭传票。自公告之日起经过六十日即视为送达。提出答辩状的期限和举证的期限分别为公告期满后的十五日和三十日内，并定于举证期满后第三日上午九时在本院公开开庭审理，逾期将依法缺席判决。
现依法向你公告送达起诉状副本、应诉通知书、举证通知书、开庭传票。自公告之日起经过六十日即视为送达。提出答辩状的期限和举证的期限分别为公告期满后的十五日和三十日内，并定于举证期满后第三日上午九时在本院公开开庭审理，逾期将依法缺席判决。
现依法向你公告送达起诉状副本、应诉通知书、举证通知书、开庭传票。自公告之日起经过六十日即视为送达。提出答辩状的期限和举证的期限分别为公告期满后的十五日和三十日内，并定于举证期满后第三日上午九时在本院公开开庭审理，逾期将依法缺席判决。
现依法向你公告送达起诉状副本、应诉通知书、举证通知书、开庭传票。自公告之日起经过六十日即视为送达。提出答辩状的期限和举证的期限分别为公告期满后的十五日和三十日内，并定于举证期满后第三日上午九时在本院公开开庭审理，逾期将依法缺席判决。
现依法向你公告送达起诉状副本、应诉通知书、举证通知书、开庭传票。自公告之日起经过六十日即视为送达。提出答辩状的期限和举证的期限分别为公告期满后的十五日和三十日内，并定于举证期满后第三日上午九时在本院公开开庭审理，逾期将依法缺席判决。
现依法向你公告送达起诉状副本、应诉通知书、举证通知书、开庭传票。自公告之日起经过六十日即视为送达。提出答辩状的期限和举证的期限分别为公告期满后的十五日和三十日内，并定于举证期满后第三日上午九时在本院公开开庭审理，逾期将依法缺席判决。
现依法向你公告送达起诉状副本、应诉通知书、举证通知书、开庭传票。自公告之日起经过六十日即视为送达。提出答辩状的期限和举证的期限分别为公告期满后的十五日和三十日内，并定于举证期满后第三日上午九时在本院公开开庭审理，逾期将依法缺席判决。
现依法向你公告送达起诉状副本、应诉通知书、举证通知书、开庭传票。自公告之日起经过六十日即视为送达。提出答辩状的期限和举证的期限分别为公告期满后的十五日和三十日内，并定于举证期满后第三日上午九时在本院公开开庭审理，逾期将依法缺席判决。
现依法向你公告送达起诉状副本、应诉通知书、举证通知书、开庭传票。自公告之日起经过六十日即视为送达。提出答辩状的期限和举证的期限分别为公告期满后的十五日和三十日内，并定于举证期满后第三日上午九时在本院公开开庭审理，逾期将依法缺席判决。
现依法向你公告送达起诉状副本、应诉通知书、举证通知书、开庭传票。自公告之日起经过六十日即视为送达。提出答辩状的期限和举证的期限分别为公告期满后的十五日和三十日内，并定于举证期满后第三日上午九时在本院公开开庭审理，逾期将依法缺席判决。
现依法向你公告送达起诉状副本、应诉通知书、举证通知书、开庭传票。自公告之日起经过六十日即视为送达。提出答辩状的期限和举证的期限分别为公告期满后的十五日和三十日内，并定于举证期满后第三日上午九时在本院公开开庭审理，逾期将依法缺席判决。
现依法向你公告送达起诉状副本、应诉通知书、举证通知书、开庭传票。自公告之日起经过六十日即视为送达。提出答辩状的期限和举证的期限分别为公告期满后的十五日和三十日内，并定于举证期满后第三日上午九时在本院公开开庭审理，逾期将依法缺席判决。
现依法向你公告送达起诉状副本、应诉通知书、举证通知书、开庭传票。自公告之日起经过六十日即视为送达。提出答辩状的期限和举证的期限分别为公告期满后的十五日和三十日内，并定于举证期满后第三日上午九时在本院公开开庭审理，逾期将依法缺席判决。
现依法向你公告送达起诉状副本、应诉通知书、举证通知书、开庭传票。自公告之日起经过六十日即视为送达。提出答辩状的期限和举证的期限分别为公告期满后的十五日和三十日内，并定于举证期满后第三日上午九时在本院公开开庭审理，逾期将依法缺席判决。
现依法向你公告送达起诉状副本、应诉通知书、举证通知书、开庭传票。自公告之日起经过六十日即视为送达。提出答辩状的期限和举证的期限分别为公告期满后的十五日和三十日内，并定于举证期满后第三日上午九时在本院公开开庭审理，逾期将依法缺席判决。
现依法向你公告送达起诉状副本、应诉通知书、举证通知书、开庭传票。自公告之日起经过六十日即视为送达。提出答辩状的期限和举证的期限分别为公告期满后的十五日和三十日内，并定于举证期满后第三日上午九时在本院公开开庭审理，逾期将依法缺席判决。
现依法向你公告送达起诉状副本、应诉通知书、举证通知书、开庭传票。自公告之日起经过六十日即视为送达。提出答辩状的期限和举证的期限分别为公告期满后的十五日和三十日内，并定于举证期满后第三日上午九时在本院公开开庭审理，逾期将依法缺席判决。
现依法向你公告送达起诉状副本、应诉通知书、举证通知书、开庭传票。自公告之日起经过六十日即视为送达。提出答辩状的期限和举证的期限分别为公告期满后的十五日和三十日内，并定于举证期满后第三日上午九时在本院公开开庭审理，逾期将依法缺席判决。
现依法向你公告送达起诉状副本、应诉通知书、举证通知书、开庭传票。自公告之日起经过六十日即视为送达。提出答辩状的期限和举证的期限分别为公告期满后的十五日和三十日内，并定于举证期满后第三日上午九时在本院公开开庭审理，逾期将依法缺席判决。
现依法向你公告送达起诉状副本、应诉通知书、举证通知书、开庭传票。自公告之日起经过六十日即视为送达。提出答辩状的期限和举证的期限分别为公告期满后的十五日和三十日内，并定于举证期满后第三日上午九时在本院公开开庭审理，逾期将依法缺席判决。
现依法向你公告送达起诉状副本、应诉通知书、举证通知书、开庭传票。自公告之日起经过六十日即视为送达。提出答辩状的期限和举证的期限分别为公告期满后的十五日和三十日内，并定于举证期满后第三日上午九时在本院公开开庭审理，逾期将依法缺席判决。
现依法向你公告送达起诉状副本、应诉通知书、举证通知书、开庭传票。自公告之日起经过六十日即视为送达。提出答辩状的期限和举证的期限分别为公告期满后的十五日和三十日内，并定于举证期满后第三日上午九时在本院公开开庭审理，逾期将依法缺席判决。
现依法向你公告送达起诉状副本、应诉通知书、举证通知书、开庭传票。自公告之日起经过六十日即视为送达。提出答辩状的期限和举证的期限分别为公告期满后的十五日和三十日内，并定于举证期满后第三日上午九时在本院公开开庭审理，逾期将依法缺席判决。
现依法向你公告送达起诉状副本、应诉通知书、举证通知书、开庭传票。自公告之日起经过六十日即视为送达。提出答辩状的期限和举证的期限分别为公告期满后的十五日和三十日内，并定于举证期满后第三日上午九时在本院公开开庭审理，逾期将依法缺席判决。
现依法向你公告送达起诉状副本、应诉通知书、举证通知书、开庭传票。自公告之日起经过六十日即视为送达。提出答辩状的期限和举证的期限分别为公告期满后的十五日和三十日内，并定于举证期满后第三日上午九时在本院公开开庭审理，逾期将依法缺席判决。
现依法向你公告送达起诉状副本、应诉通知书、举证通知书、开庭传票。自公告之日起经过六十日即视为送达。提出答辩状的期限和举证的期限分别为公告期满后的十五日和三十日内，并定于举证期满后第三日上午九时在本院公开开庭审理，逾期将依法缺席判决。
现依法向你公告送达起诉状副本、应诉通知书、举证通知书、开庭传票。自公告之日起经过六十日即视为送达。提出答辩状的期限和举证的期限分别为公告期满后的十五日和三十日内，并定于举证期满后第三日上午九时在本院公开开庭审理，逾期将依法缺席判决。
现依法向你公告送达起诉状副本、应诉通知书、举证通知书、开庭传票。自公告之日起经过六十日即视为送达。提出答辩状的期限和举证的期限分别为公告期满后的十五日和三十日内，并定于举证期满后第三日上午九时在本院公开开庭审理，逾期将依法缺席判决。
现依法向你公告送达起诉状副本、应诉通知书、举证通知书、开庭传票。自公告之日起经过六十日即视为送达。提出答辩状的期限和举证的期限分别为公告期满后的十五日和三十日内，并定于举证期满后第三日上午九时在本院公开开庭审理，逾期将依法缺席判决。
6/7 中缝
公告专栏
汪健国、方玉英：本院受理原告中国工商银行股份有限公司诉你们金融借款合同纠纷一案，现依法向你们公告送达起诉状副本、应诉通知书、举证通知书、开庭传票。自公告之日起经过60日即视为送达。
江西省九江市浔阳区人民法院
何红群：本院受理原告某某诉你民间借贷纠纷一案，现依法向你公告送达民事判决书。自公告之日起经过30日即视为送达。如不服本判决，可在公告期满后15日内向本院递交上诉状。
江西省南昌市东湖区人民法院
申报债权公告
宜兴市某某装饰工程有限公司：经股东会决议，本公司拟注销，请债权人自本公告之日起四十五日内向本公司清算组申报债权。
张某某：本院受理原告李某某诉你买卖合同纠纷一案，现依法向你公告送达起诉状副本、应诉通知书、举证通知书及开庭传票，逾期将依法缺席判决。
江苏省宜兴市人民法院
注销公告
苏州某某电子科技有限公司经股东决定，拟向登记机关申请注销登记，请债权人自本公告之日起四十五日内向本公司清算组申报债权。清算组联系人：王某某。
杭州某某餐饮管理有限公司经股东决定，拟向公司登记机关申请注销登记，请债权人于本公告之日起四十五日内向清算组申报债权。
天津某某物流有限公司经股东会决议拟注销，请债权人于公告之日起四十五日内向本公司清算组申报债权。
南通某某建材有限公司经股东决定，拟向登记机关申请注销登记，请债权人自本公告之日起四十五日内向清算组申报债权。
各公司清算组
经股东会决议，本公司拟向公司登记机关申请注销登记，请债权人自本公告发布之日起四十五日内向本公司清算组申报债权，逾期视为放弃。特此公告。本公司已成立清算组，清算组成员由股东组成，联系电话详见登记信息。
经股东会决议，本公司拟向公司登记机关申请注销登记，请债权人自本公告发布之日起四十五日内向本公司清算组申报债权，逾期视为放弃。特此公告。本公司已成立清算组，清算组成员由股东组成，联系电话详见登记信息。
经股东会决议，本公司拟向公司登记机关申请注销登记，请债权人自本公告发布之日起四十五日内向本公司清算组申报债权，逾期视为放弃。特此公告。本公司已成立清算组，清算组成员由股东组成，联系电话详见登记信息。
经股东会决议，本公司拟向公司登记机关申请注销登记，请债权人自本公告发布之日起四十五日内向本公司清算组申报债权，逾期视为放弃。特此公告。本公司已成立清算组，清算组成员由股东组成，联系电话详见登记信息。
经股东会决议，本公司拟向公司登记机关申请注销登记，请债权人自本公告发布之日起四十五日内向本公司清算组申报债权，逾期视为放弃。特此公告。本公司已成立清算组，清算组成员由股东组成，联系电话详见登记信息。
经股东会决议，本公司拟向公司登记机关申请注销登记，请债权人自本公告发布之日起四十五日内向本公司清算组申报债权，逾期视为放弃。特此公告。本公司已成立清算组，清算组成员由股东组成，联系电话详见登记信息。
经股东会决议，本公司拟向公司登记机关申请注销登记，请债权人自本公告发布之日起四十五日内向本公司清算组申报债权，逾期视为放弃。特此公告。本公司已成立清算组，清算组成员由股东组成，联系电话详见登记信息。
经股东会决议，本公司拟向公司登记机关申请注销登记，请债权人自本公告发布之日起四十五日内向本公司清算组申报债权，逾期视为放弃。特此公告。本公司已成立清算组，清算组成员由股东组成，联系电话详见登记信息。
经股东会决议，本公司拟向公司登记机关申请注销登记，请债权人自本公告发布之日起四十五日内向本公司清算组申报债权，逾期视为放弃。特此公告。本公司已成立清算组，清算组成员由股东组成，联系电话详见登记信息。
经股东会决议，本公司拟向公司登记机关申请注销登记，请债权人自本公告发布之日起四十五日内向本公司清算组申报债权，逾期视为放弃。特此公告。本公司已成立清算组，清算组成员由股东组成，联系电话详见登记信息。
经股东会决议，本公司拟向公司登记机关申请注销登记，请债权人自本公告发布之日起四十五日内向本公司清算组申报债权，逾期视为放弃。特此公告。本公司已成立清算组，清算组成员由股东组成，联系电话详见登记信息。
经股东会决议，本公司拟向公司登记机关申请注销登记，请债权人自本公告发布之日起四十五日内向本公司清算组申报债权，逾期视为放弃。特此公告。本公司已成立清算组，清算组成员由股东组成，联系电话详见登记信息。
经股东会决议，本公司拟向公司登记机关申请注销登记，请债权人自本公告发布之日起四十五日内向本公司清算组申报债权，逾期视为放弃。特此公告。本公司已成立清算组，清算组成员由股东组成，联系电话详见登记信息。
经股东会决议，本公司拟向公司登记机关申请注销登记，请债权人自本公告发布之日起四十五日内向本公司清算组申报债权，逾期视为放弃。特此公告。本公司已成立清算组，清算组成员由股东组成，联系电话详见登记信息。
经股东会决议，本公司拟向公司登记机关申请注销登记，请债权人自本公告发布之日起四十五日内向本公司清算组申报债权，逾期视为放弃。特此公告。本公司已成立清算组，清算组成员由股东组成，联系电话详见登记信息。
经股东会决议，本公司拟向公司登记机关申请注销登记，请债权人自本公告发布之日起四十五日内向本公司清算组申报债权，逾期视为放弃。特此公告。本公司已成立清算组，清算组成员由股东组成，联系电话详见登记信息。
经股东会决议，本公司拟向公司登记机关申请注销登记，请债权人自本公告发布之日起四十五日内向本公司清算组申报债权，逾期视为放弃。特此公告。本公司已成立清算组，清算组成员由股东组成，联系电话详见登记信息。
经股东会决议，本公司拟向公司登记机关申请注销登记，请债权人自本公告发布之日起四十五日内向本公司清算组申报债权，逾期视为放弃。特此公告。本公司已成立清算组，清算组成员由股东组成，联系电话详见登记信息。
经股东会决议，本公司拟向公司登记机关申请注销登记，请债权人自本公告发布之日起四十五日内向本公司清算组申报债权，逾期视为放弃。特此公告。本公司已成立清算组，清算组成员由股东组成，联系电话详见登记信息。
经股东会决议，本公司拟向公司登记机关申请注销登记，请债权人自本公告发布之日起四十五日内向本公司清算组申报债权，逾期视为放弃。特此公告。本公司已成立清算组，清算组成员由股东组成，联系电话详见登记信息。
经股东会决议，本公司拟向公司登记机关申请注销登记，请债权人自本公告发布之日起四十五日内向本公司清算组申报债权，逾期视为放弃。特此公告。本公司已成立清算组，清算组成员由股东组成，联系电话详见登记信息。
经股东会决议，本公司拟向公司登记机关申请注销登记，请债权人自本公告发布之日起四十五日内向本公司清算组申报债权，逾期视为放弃。特此公告。本公司已成立清算组，清算组成员由股东组成，联系电话详见登记信息。
经股东会决议，本公司拟向公司登记机关申请注销登记，请债权人自本公告发布之日起四十五日内向本公司清算组申报债权，逾期视为放弃。特此公告。本公司已成立清算组，清算组成员由股东组成，联系电话详见登记信息。
经股东会决议，本公司拟向公司登记机关申请注销登记，请债权人自本公告发布之日起四十五日内向本公司清算组申报债权，逾期视为放弃。特此公告。本公司已成立清算组，清算组成员由股东组成，联系电话详见登记信息。
经股东会决议，本公司拟向公司登记机关申请注销登记，请债权人自本公告发布之日起四十五日内向本公司清算组申报债权，逾期视为放弃。特此公告。本公司已成立清算组，清算组成员由股东组成，联系电话详见登记信息。
经股东会决议，本公司拟向公司登记机关申请注销登记，请债权人自本公告发布之日起四十五日内向本公司清算组申报债权，逾期视为放弃。特此公告。本公司已成立清算组，清算组成员由股东组成，联系电话详见登记信息。
经股东会决议，本公司拟向公司登记机关申请注销登记，请债权人自本公告发布之日起四十五日内向本公司清算组申报债权，逾期视为放弃。特此公告。本公司已成立清算组，清算组成员由股东组成，联系电话详见登记信息。
经股东会决议，本公司拟向公司登记机关申请注销登记，请债权人自本公告发布之日起四十五日内向本公司清算组申报债权，逾期视为放弃。特此公告。本公司已成立清算组，清算组成员由股东组成，联系电话详见登记信息。
经股东会决议，本公司拟向公司登记机关申请注销登记，请债权人自本公告发布之日起四十五日内向本公司清算组申报债权，逾期视为放弃。特此公告。本公司已成立清算组，清算组成员由股东组成，联系电话详见登记信息。
经股东会决议，本公司拟向公司登记机关申请注销登记，请债权人自本公告发布之日起四十五日内向本公司清算组申报债权，逾期视为放弃。特此公告。本公司已成立清算组，清算组成员由股东组成，联系电话详见登记信息。
经股东会决议，本公司拟向公司登记机关申请注销登记，请债权人自本公告发布之日起四十五日内向本公司清算组申报债权，逾期视为放弃。特此公告。本公司已成立清算组，清算组成员由股东组成，联系电话详见登记信息。
经股东会决议，本公司拟向公司登记机关申请注销登记，请债权人自本公告发布之日起四十五日内向本公司清算组申报债权，逾期视为放弃。特此公告。本公司已成立清算组，清算组成员由股东组成，联系电话详见登记信息。
经股东会决议，本公司拟向公司登记机关申请注销登记，请债权人自本公告发布之日起四十五日内向本公司清算组申报债权，逾期视为放弃。特此公告。本公司已成立清算组，清算组成员由股东组成，联系电话详见登记信息。
经股东会决议，本公司拟向公司登记机关申请注销登记，请债权人自本公告发布之日起四十五日内向本公司清算组申报债权，逾期视为放弃。特此公告。本公司已成立清算组，清算组成员由股东组成，联系电话详见登记信息。
经股东会决议，本公司拟向公司登记机关申请注销登记，请债权人自本公告发布之日起四十五日内向本公司清算组申报债权，逾期视为放弃。特此公告。本公司已成立清算组，清算组成员由股东组成，联系电话详见登记信息。
经股东会决议，本公司拟向公司登记机关申请注销登记，请债权人自本公告发布之日起四十五日内向本公司清算组申报债权，逾期视为放弃。特此公告。本公司已成立清算组，清算组成员由股东组成，联系电话详见登记信息。
经股东会决议，本公司拟向公司登记机关申请注销登记，请债权人自本公告发布之日起四十五日内向本公司清算组申报债权，逾期视为放弃。特此公告。本公司已成立清算组，清算组成员由股东组成，联系电话详见登记信息。
经股东会决议，本公司拟向公司登记机关申请注销登记，请债权人自本公告发布之日起四十五日内向本公司清算组申报债权，逾期视为放弃。特此公告。本公司已成立清算组，清算组成员由股东组成，联系电话详见登记信息。
经股东会决议，本公司拟向公司登记机关申请注销登记，请债权人自本公告发布之日起四十五日内向本公司清算组申报债权，逾期视为放弃。特此公告。本公司已成立清算组，清算组成员由股东组成，联系电话详见登记信息。
经股东会决议，本公司拟向公司登记机关申请注销登记，请债权人自本公告发布之日起四十五日内向本公司清算组申报债权，逾期视为放弃。特此公告。本公司已成立清算组，清算组成员由股东组成，联系电话详见登记信息。
9/12 中缝
公告专栏
遗失声明
陈霖于2024年11月24日不慎遗失身份证，证号：460002200002011******，本人已申请新证，此证已失效，特此声明。
郑君不慎遗失医师执业证书，证书编码：110220220000036，特此声明作废。
程玥不慎遗失出生医学证明，编号：Q440123456，声明作废。
江西省某某药业有限公司不慎遗失公章一枚，特此声明作废。
王某某于2024年11月24日不慎遗失身份证，本人已申请补办，此证作废，特此声明。
上海某某贸易有限公司遗失营业执照正本，统一社会信用代码：91310000MA1K2******，声明作废。
李某某遗失道路运输从业资格证，证号：420102********，声明作废。
北京某某科技有限公司遗失发票专用章一枚，特此声明作废。
深圳市某某电子有限公司遗失开户许可证，核准号：J5840012345601，声明作废。
刘某某遗失残疾人证，证号：420106********，特此声明作废。
赵某某遗失机动车行驶证，号牌：苏A·*****，声明作废。
成都某某商贸有限公司遗失营业执照副本，声明作废。
不慎遗失营业执照正副本，统一社会信用代码：9100000000000000XX，声明作废。不慎遗失公章、财务专用章、法人章各一枚，特此声明作废。不慎遗失身份证，号码已申请补办，此证作废，特此声明。
不慎遗失营业执照正副本，统一社会信用代码：9100000000000000XX，声明作废。不慎遗失公章、财务专用章、法人章各一枚，特此声明作废。不慎遗失身份证，号码已申请补办，此证作废，特此声明。
不慎遗失营业执照正副本，统一社会信用代码：9100000000000000XX，声明作废。不慎遗失公章、财务专用章、法人章各一枚，特此声明作废。不慎遗失身份证，号码已申请补办，此证作废，特此声明。
不慎遗失营业执照正副本，统一社会信用代码：9100000000000000XX，声明作废。不慎遗失公章、财务专用章、法人章各一枚，特此声明作废。不慎遗失身份证，号码已申请补办，此证作废，特此声明。
不慎遗失营业执照正副本，统一社会信用代码：9100000000000000XX，声明作废。不慎遗失公章、财务专用章、法人章各一枚，特此声明作废。不慎遗失身份证，号码已申请补办，此证作废，特此声明。
不慎遗失营业执照正副本，统一社会信用代码：9100000000000000XX，声明作废。不慎遗失公章、财务专用章、法人章各一枚，特此声明作废。不慎遗失身份证，号码已申请补办，此证作废，特此声明。
不慎遗失营业执照正副本，统一社会信用代码：9100000000000000XX，声明作废。不慎遗失公章、财务专用章、法人章各一枚，特此声明作废。不慎遗失身份证，号码已申请补办，此证作废，特此声明。
不慎遗失营业执照正副本，统一社会信用代码：9100000000000000XX，声明作废。不慎遗失公章、财务专用章、法人章各一枚，特此声明作废。不慎遗失身份证，号码已申请补办，此证作废，特此声明。
不慎遗失营业执照正副本，统一社会信用代码：9100000000000000XX，声明作废。不慎遗失公章、财务专用章、法人章各一枚，特此声明作废。不慎遗失身份证，号码已申请补办，此证作废，特此声明。
不慎遗失营业执照正副本，统一社会信用代码：9100000000000000XX，声明作废。不慎遗失公章、财务专用章、法人章各一枚，特此声明作废。不慎遗失身份证，号码已申请补办，此证作废，特此声明。
不慎遗失营业执照正副本，统一社会信用代码：9100000000000000XX，声明作废。不慎遗失公章、财务专用章、法人章各一枚，特此声明作废。不慎遗失身份证，号码已申请补办，此证作废，特此声明。
不慎遗失营业执照正副本，统一社会信用代码：9100000000000000XX，声明作废。不慎遗失公章、财务专用章、法人章各一枚，特此声明作废。不慎遗失身份证，号码已申请补办，此证作废，特此声明。
不慎遗失营业执照正副本，统一社会信用代码：9100000000000000XX，声明作废。不慎遗失公章、财务专用章、法人章各一枚，特此声明作废。不慎遗失身份证，号码已申请补办，此证作废，特此声明。
不慎遗失营业执照正副本，统一社会信用代码：9100000000000000XX，声明作废。不慎遗失公章、财务专用章、法人章各一枚，特此声明作废。不慎遗失身份证，号码已申请补办，此证作废，特此声明。
不慎遗失营业执照正副本，统一社会信用代码：9100000000000000XX，声明作废。不慎遗失公章、财务专用章、法人章各一枚，特此声明作废。不慎遗失身份证，号码已申请补办，此证作废，特此声明。
不慎遗失营业执照正副本，统一社会信用代码：9100000000000000XX，声明作废。不慎遗失公章、财务专用章、法人章各一枚，特此声明作废。不慎遗失身份证，号码已申请补办，此证作废，特此声明。
不慎遗失营业执照正副本，统一社会信用代码：9100000000000000XX，声明作废。不慎遗失公章、财务专用章、法人章各一枚，特此声明作废。不慎遗失身份证，号码已申请补办，此证作废，特此声明。
不慎遗失营业执照正副本，统一社会信用代码：9100000000000000XX，声明作废。不慎遗失公章、财务专用章、法人章各一枚，特此声明作废。不慎遗失身份证，号码已申请补办，此证作废，特此声明。
不慎遗失营业执照正副本，统一社会信用代码：9100000000000000XX，声明作废。不慎遗失公章、财务专用章、法人章各一枚，特此声明作废。不慎遗失身份证，号码已申请补办，此证作废，特此声明。
不慎遗失营业执照正副本，统一社会信用代码：9100000000000000XX，声明作废。不慎遗失公章、财务专用章、法人章各一枚，特此声明作废。不慎遗失身份证，号码已申请补办，此证作废，特此声明。
不慎遗失营业执照正副本，统一社会信用代码：9100000000000000XX，声明作废。不慎遗失公章、财务专用章、法人章各一枚，特此声明作废。不慎遗失身份证，号码已申请补办，此证作废，特此声明。
不慎遗失营业执照正副本，统一社会信用代码：9100000000000000XX，声明作废。不慎遗失公章、财务专用章、法人章各一枚，特此声明作废。不慎遗失身份证，号码已申请补办，此证作废，特此声明。
不慎遗失营业执照正副本，统一社会信用代码：9100000000000000XX，声明作废。不慎遗失公章、财务专用章、法人章各一枚，特此声明作废。不慎遗失身份证，号码已申请补办，此证作废，特此声明。
不慎遗失营业执照正副本，统一社会信用代码：9100000000000000XX，声明作废。不慎遗失公章、财务专用章、法人章各一枚，特此声明作废。不慎遗失身份证，号码已申请补办，此证作废，特此声明。
不慎遗失营业执照正副本，统一社会信用代码：9100000000000000XX，声明作废。不慎遗失公章、财务专用章、法人章各一枚，特此声明作废。不慎遗失身份证，号码已申请补办，此证作废，特此声明。
不慎遗失营业执照正副本，统一社会信用代码：9100000000000000XX，声明作废。不慎遗失公章、财务专用章、法人章各一枚，特此声明作废。不慎遗失身份证，号码已申请补办，此证作废，特此声明。
不慎遗失营业执照正副本，统一社会信用代码：9100000000000000XX，声明作废。不慎遗失公章、财务专用章、法人章各一枚，特此声明作废。不慎遗失身份证，号码已申请补办，此证作废，特此声明。
不慎遗失营业执照正副本，统一社会信用代码：9100000000000000XX，声明作废。不慎遗失公章、财务专用章、法人章各一枚，特此声明作废。不慎遗失身份证，号码已申请补办，此证作废，特此声明。
不慎遗失营业执照正副本，统一社会信用代码：9100000000000000XX，声明作废。不慎遗失公章、财务专用章、法人章各一枚，特此声明作废。不慎遗失身份证，号码已申请补办，此证作废，特此声明。
不慎遗失营业执照正副本，统一社会信用代码：9100000000000000XX，声明作废。不慎遗失公章、财务专用章、法人章各一枚，特此声明作废。不慎遗失身份证，号码已申请补办，此证作废，特此声明。
不慎遗失营业执照正副本，统一社会信用代码：9100000000000000XX，声明作废。不慎遗失公章、财务专用章、法人章各一枚，特此声明作废。不慎遗失身份证，号码已申请补办，此证作废，特此声明。
不慎遗失营业执照正副本，统一社会信用代码：9100000000000000XX，声明作废。不慎遗失公章、财务专用章、法人章各一枚，特此声明作废。不慎遗失身份证，号码已申请补办，此证作废，特此声明。
不慎遗失营业执照正副本，统一社会信用代码：9100000000000000XX，声明作废。不慎遗失公章、财务专用章、法人章各一枚，特此声明作废。不慎遗失身份证，号码已申请补办，此证作废，特此声明。
不慎遗失营业执照正副本，统一社会信用代码：9100000000000000XX，声明作废。不慎遗失公章、财务专用章、法人章各一枚，特此声明作废。不慎遗失身份证，号码已申请补办，此证作废，特此声明。
不慎遗失营业执照正副本，统一社会信用代码：9100000000000000XX，声明作废。不慎遗失公章、财务专用章、法人章各一枚，特此声明作废。不慎遗失身份证，号码已申请补办，此证作废，特此声明。
不慎遗失营业执照正副本，统一社会信用代码：9100000000000000XX，声明作废。不慎遗失公章、财务专用章、法人章各一枚，特此声明作废。不慎遗失身份证，号码已申请补办，此证作废，特此声明。
不慎遗失营业执照正副本，统一社会信用代码：9100000000000000XX，声明作废。不慎遗失公章、财务专用章、法人章各一枚，特此声明作废。不慎遗失身份证，号码已申请补办，此证作废，特此声明。
不慎遗失营业执照正副本，统一社会信用代码：9100000000000000XX，声明作废。不慎遗失公章、财务专用章、法人章各一枚，特此声明作废。不慎遗失身份证，号码已申请补办，此证作废，特此声明。
不慎遗失营业执照正副本，统一社会信用代码：9100000000000000XX，声明作废。不慎遗失公章、财务专用章、法人章各一枚，特此声明作废。不慎遗失身份证，号码已申请补办，此证作废，特此声明。
不慎遗失营业执照正副本，统一社会信用代码：9100000000000000XX，声明作废。不慎遗失公章、财务专用章、法人章各一枚，特此声明作废。不慎遗失身份证，号码已申请补办，此证作废，特此声明。
10/11 中缝
公告专栏
遗失声明
天津某某投资管理有限公司不慎遗失营业执照正本，统一社会信用代码：91120116MA06AYA826，声明作废。
北京某某安装服务有限公司遗失营业执照副本，统一社会信用代码：91110105MA01******，声明作废。
北京某某科技有限公司遗失发票专用章一枚，声明作废。
北京市某某建筑工程有限公司遗失公章一枚，特此声明作废。
公开致歉信
因本人违反法律法规规定，给社会公共利益造成损害，现本人自愿在媒体上公开致歉，以此警示他人，今后一定遵纪守法。
2024年11月27日
公告
山西省某人力资源服务有限公司：本会受理申请人与你公司劳动争议一案，现依法向你公司公告送达仲裁申请书副本、应诉通知书、举证通知书、开庭通知书。自公告之日起经过30日即视为送达。
某某市劳动人事争议仲裁委员会
仲裁公告
某某实业有限公司：本会受理申请人与你公司劳动争议一案，已审理终结，现依法向你公司公告送达仲裁裁决书。自公告之日起经过30日即视为送达。如不服本裁决，可在公告期满之日起15日内向人民法院提起诉讼。
巴南区劳动人事争议仲裁委员会
2024年11月26日
仲裁公告
某某餐饮管理有限公司：本会受理申请人诉你公司劳动争议一案，现依法向你公司公告送达仲裁裁决书。逾期即视为送达。
巴南区劳动人事争议仲裁委员会
2024年11月26日
本会受理申请人与你单位劳动争议一案，现依法向你单位公告送达仲裁申请书副本、应诉通知书、举证通知书、开庭通知书及仲裁庭组成人员通知书。自公告之日起经过三十日即视为送达，答辩期和举证期为公告送达期满后十日内，逾期将依法缺席裁决。
本会受理申请人与你单位劳动争议一案，现依法向你单位公告送达仲裁申请书副本、应诉通知书、举证通知书、开庭通知书及仲裁庭组成人员通知书。自公告之日起经过三十日即视为送达，答辩期和举证期为公告送达期满后十日内，逾期将依法缺席裁决。
本会受理申请人与你单位劳动争议一案，现依法向你单位公告送达仲裁申请书副本、应诉通知书、举证通知书、开庭通知书及仲裁庭组成人员通知书。自公告之日起经过三十日即视为送达，答辩期和举证期为公告送达期满后十日内，逾期将依法缺席裁决。
本会受理申请人与你单位劳动争议一案，现依法向你单位公告送达仲裁申请书副本、应诉通知书、举证通知书、开庭通知书及仲裁庭组成人员通知书。自公告之日起经过三十日即视为送达，答辩期和举证期为公告送达期满后十日内，逾期将依法缺席裁决。
本会受理申请人与你单位劳动争议一案，现依法向你单位公告送达仲裁申请书副本、应诉通知书、举证通知书、开庭通知书及仲裁庭组成人员通知书。自公告之日起经过三十日即视为送达，答辩期和举证期为公告送达期满后十日内，逾期将依法缺席裁决。
本会受理申请人与你单位劳动争议一案，现依法向你单位公告送达仲裁申请书副本、应诉通知书、举证通知书、开庭通知书及仲裁庭组成人员通知书。自公告之日起经过三十日即视为送达，答辩期和举证期为公告送达期满后十日内，逾期将依法缺席裁决。
本会受理申请人与你单位劳动争议一案，现依法向你单位公告送达仲裁申请书副本、应诉通知书、举证通知书、开庭通知书及仲裁庭组成人员通知书。自公告之日起经过三十日即视为送达，答辩期和举证期为公告送达期满后十日内，逾期将依法缺席裁决。
本会受理申请人与你单位劳动争议一案，现依法向你单位公告送达仲裁申请书副本、应诉通知书、举证通知书、开庭通知书及仲裁庭组成人员通知书。自公告之日起经过三十日即视为送达，答辩期和举证期为公告送达期满后十日内，逾期将依法缺席裁决。
本会受理申请人与你单位劳动争议一案，现依法向你单位公告送达仲裁申请书副本、应诉通知书、举证通知书、开庭通知书及仲裁庭组成人员通知书。自公告之日起经过三十日即视为送达，答辩期和举证期为公告送达期满后十日内，逾期将依法缺席裁决。
本会受理申请人与你单位劳动争议一案，现依法向你单位公告送达仲裁申请书副本、应诉通知书、举证通知书、开庭通知书及仲裁庭组成人员通知书。自公告之日起经过三十日即视为送达，答辩期和举证期为公告送达期满后十日内，逾期将依法缺席裁决。
本会受理申请人与你单位劳动争议一案，现依法向你单位公告送达仲裁申请书副本、应诉通知书、举证通知书、开庭通知书及仲裁庭组成人员通知书。自公告之日起经过三十日即视为送达，答辩期和举证期为公告送达期满后十日内，逾期将依法缺席裁决。
本会受理申请人与你单位劳动争议一案，现依法向你单位公告送达仲裁申请书副本、应诉通知书、举证通知书、开庭通知书及仲裁庭组成人员通知书。自公告之日起经过三十日即视为送达，答辩期和举证期为公告送达期满后十日内，逾期将依法缺席裁决。
本会受理申请人与你单位劳动争议一案，现依法向你单位公告送达仲裁申请书副本、应诉通知书、举证通知书、开庭通知书及仲裁庭组成人员通知书。自公告之日起经过三十日即视为送达，答辩期和举证期为公告送达期满后十日内，逾期将依法缺席裁决。
本会受理申请人与你单位劳动争议一案，现依法向你单位公告送达仲裁申请书副本、应诉通知书、举证通知书、开庭通知书及仲裁庭组成人员通知书。自公告之日起经过三十日即视为送达，答辩期和举证期为公告送达期满后十日内，逾期将依法缺席裁决。
本会受理申请人与你单位劳动争议一案，现依法向你单位公告送达仲裁申请书副本、应诉通知书、举证通知书、开庭通知书及仲裁庭组成人员通知书。自公告之日起经过三十日即视为送达，答辩期和举证期为公告送达期满后十日内，逾期将依法缺席裁决。
本会受理申请人与你单位劳动争议一案，现依法向你单位公告送达仲裁申请书副本、应诉通知书、举证通知书、开庭通知书及仲裁庭组成人员通知书。自公告之日起经过三十日即视为送达，答辩期和举证期为公告送达期满后十日内，逾期将依法缺席裁决。
本会受理申请人与你单位劳动争议一案，现依法向你单位公告送达仲裁申请书副本、应诉通知书、举证通知书、开庭通知书及仲裁庭组成人员通知书。自公告之日起经过三十日即视为送达，答辩期和举证期为公告送达期满后十日内，逾期将依法缺席裁决。
本会受理申请人与你单位劳动争议一案，现依法向你单位公告送达仲裁申请书副本、应诉通知书、举证通知书、开庭通知书及仲裁庭组成人员通知书。自公告之日起经过三十日即视为送达，答辩期和举证期为公告送达期满后十日内，逾期将依法缺席裁决。
本会受理申请人与你单位劳动争议一案，现依法向你单位公告送达仲裁申请书副本、应诉通知书、举证通知书、开庭通知书及仲裁庭组成人员通知书。自公告之日起经过三十日即视为送达，答辩期和举证期为公告送达期满后十日内，逾期将依法缺席裁决。
本会受理申请人与你单位劳动争议一案，现依法向你单位公告送达仲裁申请书副本、应诉通知书、举证通知书、开庭通知书及仲裁庭组成人员通知书。自公告之日起经过三十日即视为送达，答辩期和举证期为公告送达期满后十日内，逾期将依法缺席裁决。
本会受理申请人与你单位劳动争议一案，现依法向你单位公告送达仲裁申请书副本、应诉通知书、举证通知书、开庭通知书及仲裁庭组成人员通知书。自公告之日起经过三十日即视为送达，答辩期和举证期为公告送达期满后十日内，逾期将依法缺席裁决。
本会受理申请人与你单位劳动争议一案，现依法向你单位公告送达仲裁申请书副本、应诉通知书、举证通知书、开庭通知书及仲裁庭组成人员通知书。自公告之日起经过三十日即视为送达，答辩期和举证期为公告送达期满后十日内，逾期将依法缺席裁决。
本会受理申请人与你单位劳动争议一案，现依法向你单位公告送达仲裁申请书副本、应诉通知书、举证通知书、开庭通知书及仲裁庭组成人员通知书。自公告之日起经过三十日即视为送达，答辩期和举证期为公告送达期满后十日内，逾期将依法缺席裁决。
本会受理申请人与你单位劳动争议一案，现依法向你单位公告送达仲裁申请书副本、应诉通知书、举证通知书、开庭通知书及仲裁庭组成人员通知书。自公告之日起经过三十日即视为送达，答辩期和举证期为公告送达期满后十日内，逾期将依法缺席裁决。
本会受理申请人与你单位劳动争议一案，现依法向你单位公告送达仲裁申请书副本、应诉通知书、举证通知书、开庭通知书及仲裁庭组成人员通知书。自公告之日起经过三十日即视为送达，答辩期和举证期为公告送达期满后十日内，逾期将依法缺席裁决。
本会受理申请人与你单位劳动争议一案，现依法向你单位公告送达仲裁申请书副本、应诉通知书、举证通知书、开庭通知书及仲裁庭组成人员通知书。自公告之日起经过三十日即视为送达，答辩期和举证期为公告送达期满后十日内，逾期将依法缺席裁决。
本会受理申请人与你单位劳动争议一案，现依法向你单位公告送达仲裁申请书副本、应诉通知书、举证通知书、开庭通知书及仲裁庭组成人员通知书。自公告之日起经过三十日即视为送达，答辩期和举证期为公告送达期满后十日内，逾期将依法缺席裁决。
本会受理申请人与你单位劳动争议一案，现依法向你单位公告送达仲裁申请书副本、应诉通知书、举证通知书、开庭通知书及仲裁庭组成人员通知书。自公告之日起经过三十日即视为送达，答辩期和举证期为公告送达期满后十日内，逾期将依法缺席裁决。
本会受理申请人与你单位劳动争议一案，现依法向你单位公告送达仲裁申请书副本、应诉通知书、举证通知书、开庭通知书及仲裁庭组成人员通知书。自公告之日起经过三十日即视为送达，答辩期和举证期为公告送达期满后十日内，逾期将依法缺席裁决。
本会受理申请人与你单位劳动争议一案，现依法向你单位公告送达仲裁申请书副本、应诉通知书、举证通知书、开庭通知书及仲裁庭组成人员通知书。自公告之日起经过三十日即视为送达，答辩期和举证期为公告送达期满后十日内，逾期将依法缺席裁决。
本会受理申请人与你单位劳动争议一案，现依法向你单位公告送达仲裁申请书副本、应诉通知书、举证通知书、开庭通知书及仲裁庭组成人员通知书。自公告之日起经过三十日即视为送达，答辩期和举证期为公告送达期满后十日内，逾期将依法缺席裁决。
本会受理申请人与你单位劳动争议一案，现依法向你单位公告送达仲裁申请书副本、应诉通知书、举证通知书、开庭通知书及仲裁庭组成人员通知书。自公告之日起经过三十日即视为送达，答辩期和举证期为公告送达期满后十日内，逾期将依法缺席裁决。
本会受理申请人与你单位劳动争议一案，现依法向你单位公告送达仲裁申请书副本、应诉通知书、举证通知书、开庭通知书及仲裁庭组成人员通知书。自公告之日起经过三十日即视为送达，答辩期和举证期为公告送达期满后十日内，逾期将依法缺席裁决。
本会受理申请人与你单位劳动争议一案，现依法向你单位公告送达仲裁申请书副本、应诉通知书、举证通知书、开庭通知书及仲裁庭组成人员通知书。自公告之日起经过三十日即视为送达，答辩期和举证期为公告送达期满后十日内，逾期将依法缺席裁决。
本会受理申请人与你单位劳动争议一案，现依法向你单位公告送达仲裁申请书副本、应诉通知书、举证通知书、开庭通知书及仲裁庭组成人员通知书。自公告之日起经过三十日即视为送达，答辩期和举证期为公告送达期满后十日内，逾期将依法缺席裁决。
本会受理申请人与你单位劳动争议一案，现依法向你单位公告送达仲裁申请书副本、应诉通知书、举证通知书、开庭通知书及仲裁庭组成人员通知书。自公告之日起经过三十日即视为送达，答辩期和举证期为公告送达期满后十日内，逾期将依法缺席裁决。
本会受理申请人与你单位劳动争议一案，现依法向你单位公告送达仲裁申请书副本、应诉通知书、举证通知书、开庭通知书及仲裁庭组成人员通知书。自公告之日起经过三十日即视为送达，答辩期和举证期为公告送达期满后十日内，逾期将依法缺席裁决。
本会受理申请人与你单位劳动争议一案，现依法向你单位公告送达仲裁申请书副本、应诉通知书、举证通知书、开庭通知书及仲裁庭组成人员通知书。自公告之日起经过三十日即视为送达，答辩期和举证期为公告送达期满后十日内，逾期将依法缺席裁决。
本会受理申请人与你单位劳动争议一案，现依法向你单位公告送达仲裁申请书副本、应诉通知书、举证通知书、开庭通知书及仲裁庭组成人员通知书。自公告之日起经过三十日即视为送达，答辩期和举证期为公告送达期满后十日内，逾期将依法缺席裁决。
本会受理申请人与你单位劳动争议一案，现依法向你单位公告送达仲裁申请书副本、应诉通知书、举证通知书、开庭通知书及仲裁庭组成人员通知书。自公告之日起经过三十日即视为送达，答辩期和举证期为公告送达期满后十日内，逾期将依法缺席裁决。
